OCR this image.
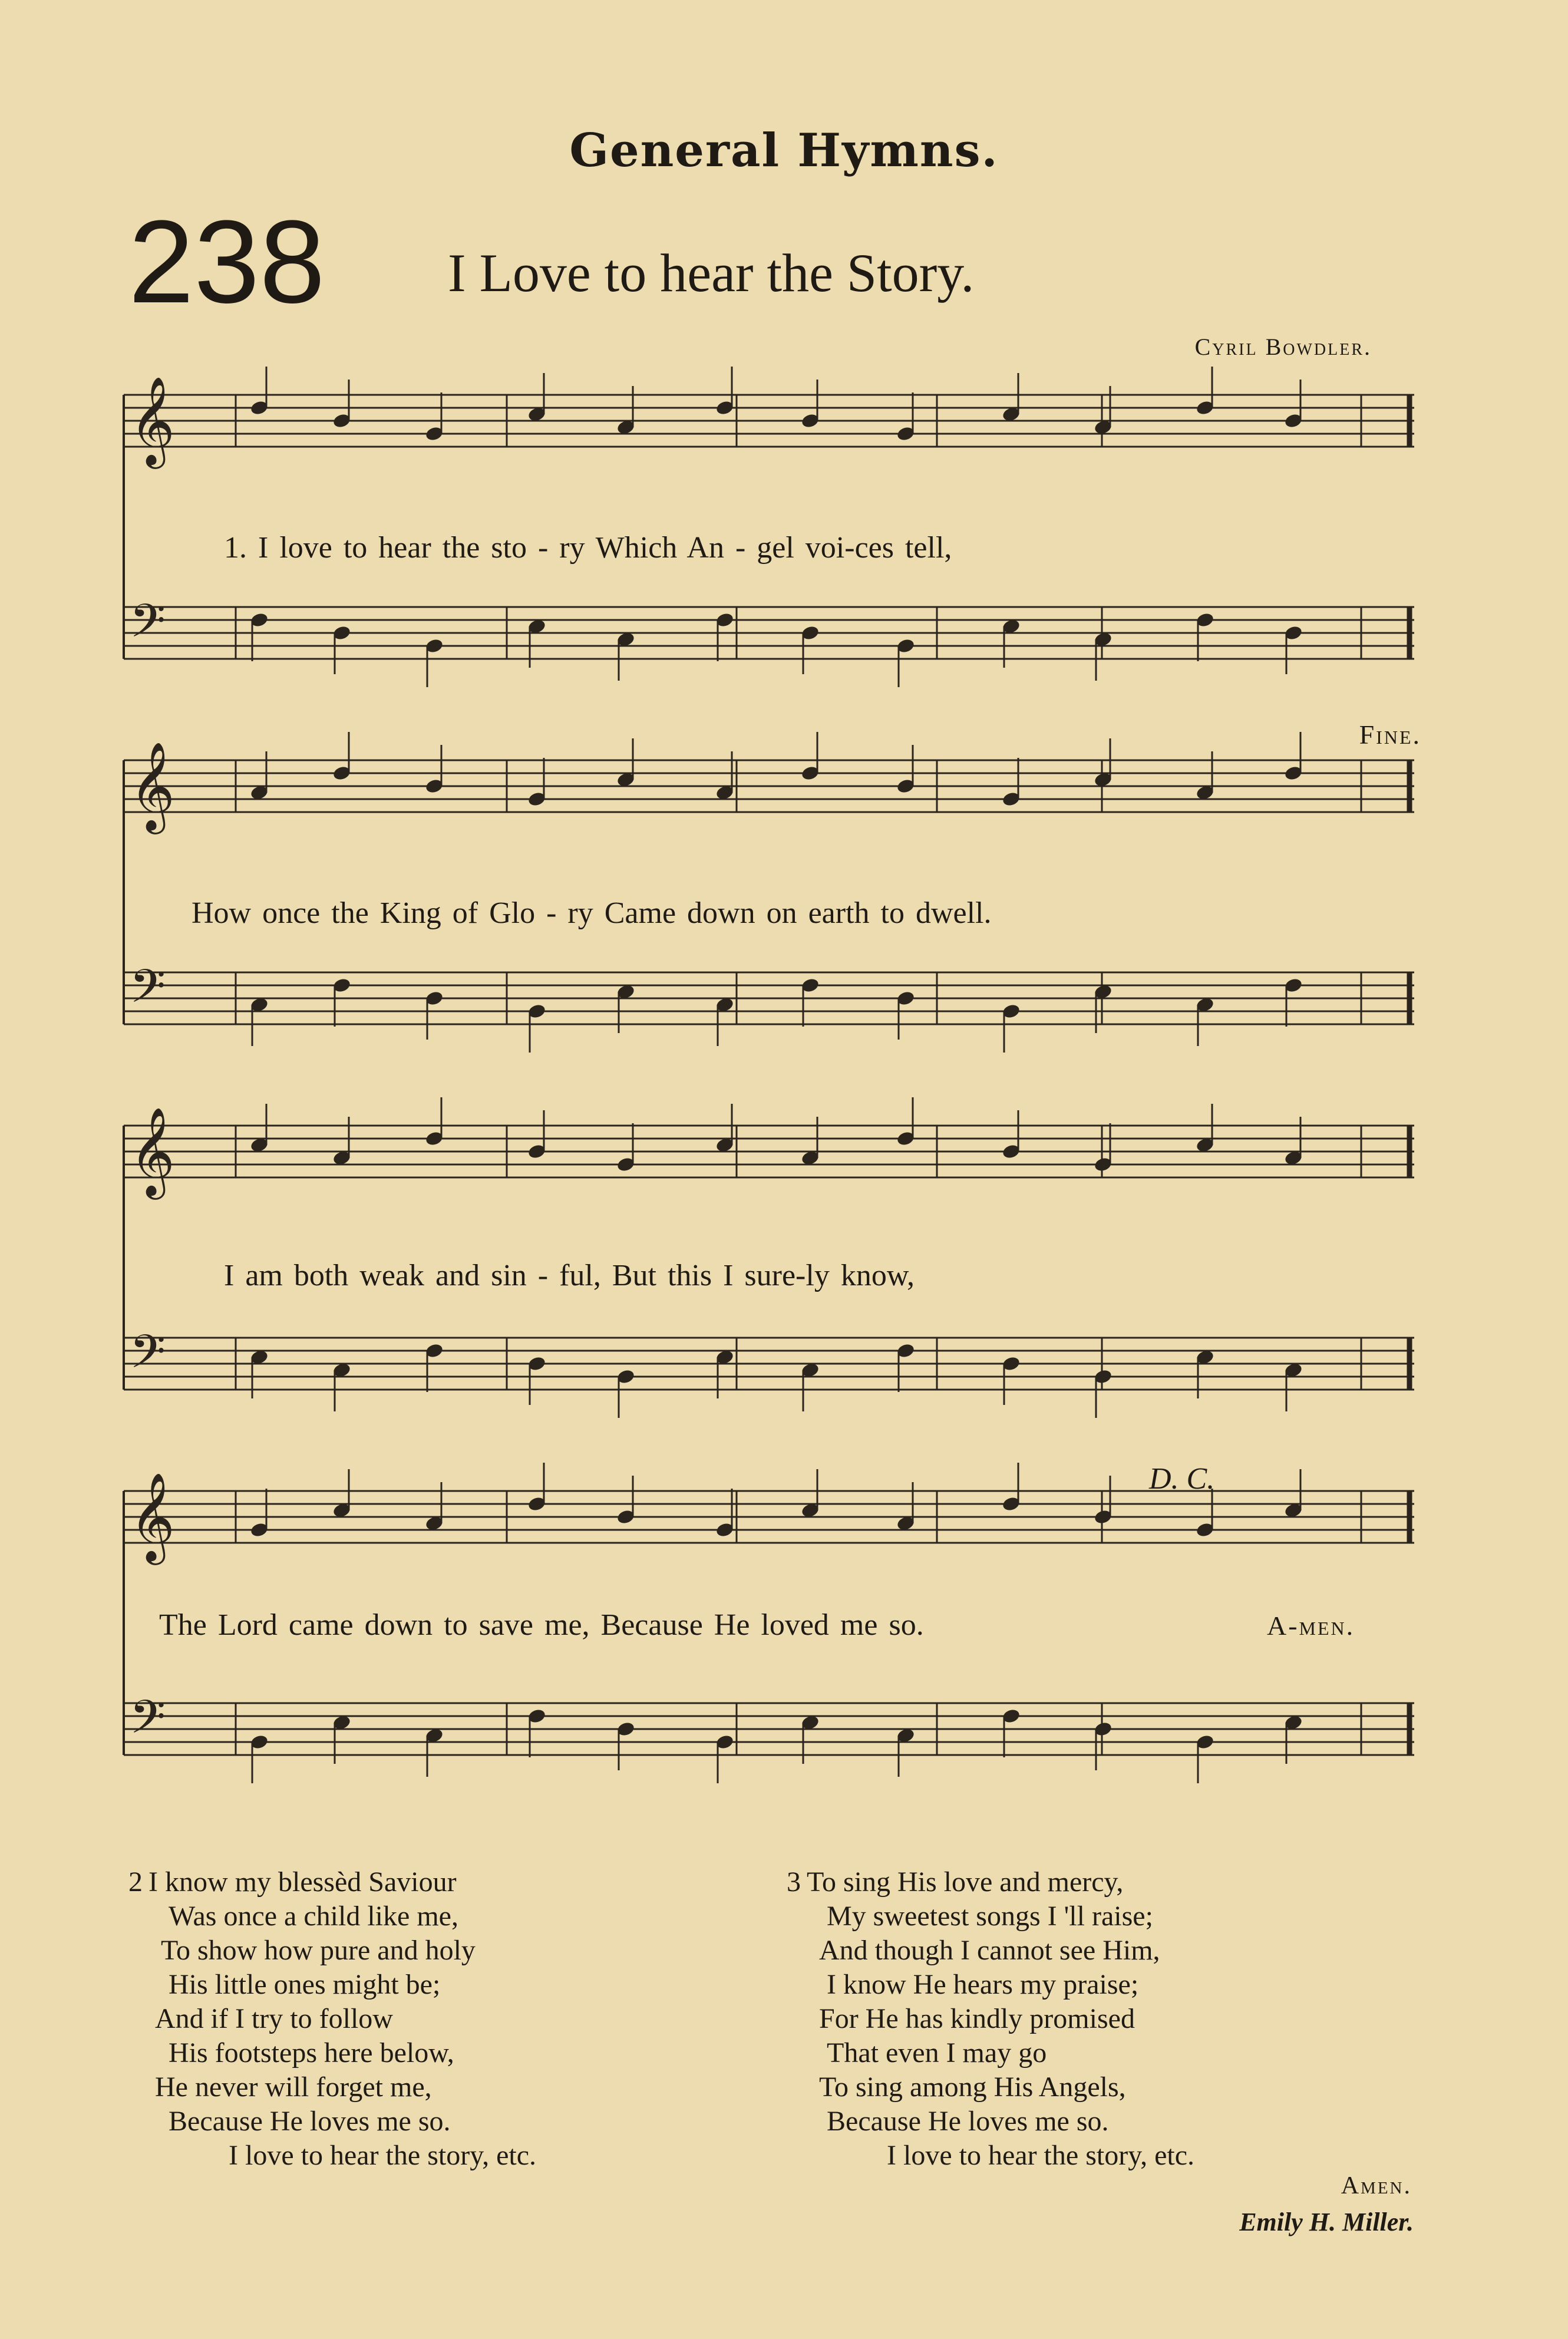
General Hymns.
238 I Love to hear the Story.
Cyril Bowdler.
𝄞
𝄢
1. I love to hear the sto - ry Which An - gel voi-ces tell,
Fine.
𝄞
𝄢
How once the King of Glo - ry Came down on earth to dwell.
𝄞
𝄢
I am both weak and sin - ful, But this I sure-ly know,
D. C.
𝄞
𝄢
The Lord came down to save me, Because He loved me so.	A-men.
2 I know my blessèd Saviour
Was once a child like me,
To show how pure and holy
His little ones might be;
And if I try to follow
His footsteps here below,
He never will forget me,
Because He loves me so.
I love to hear the story, etc.
3 To sing His love and mercy,
My sweetest songs I 'll raise;
And though I cannot see Him,
I know He hears my praise;
For He has kindly promised
That even I may go
To sing among His Angels,
Because He loves me so.
I love to hear the story, etc.
Amen.
Emily H. Miller.
